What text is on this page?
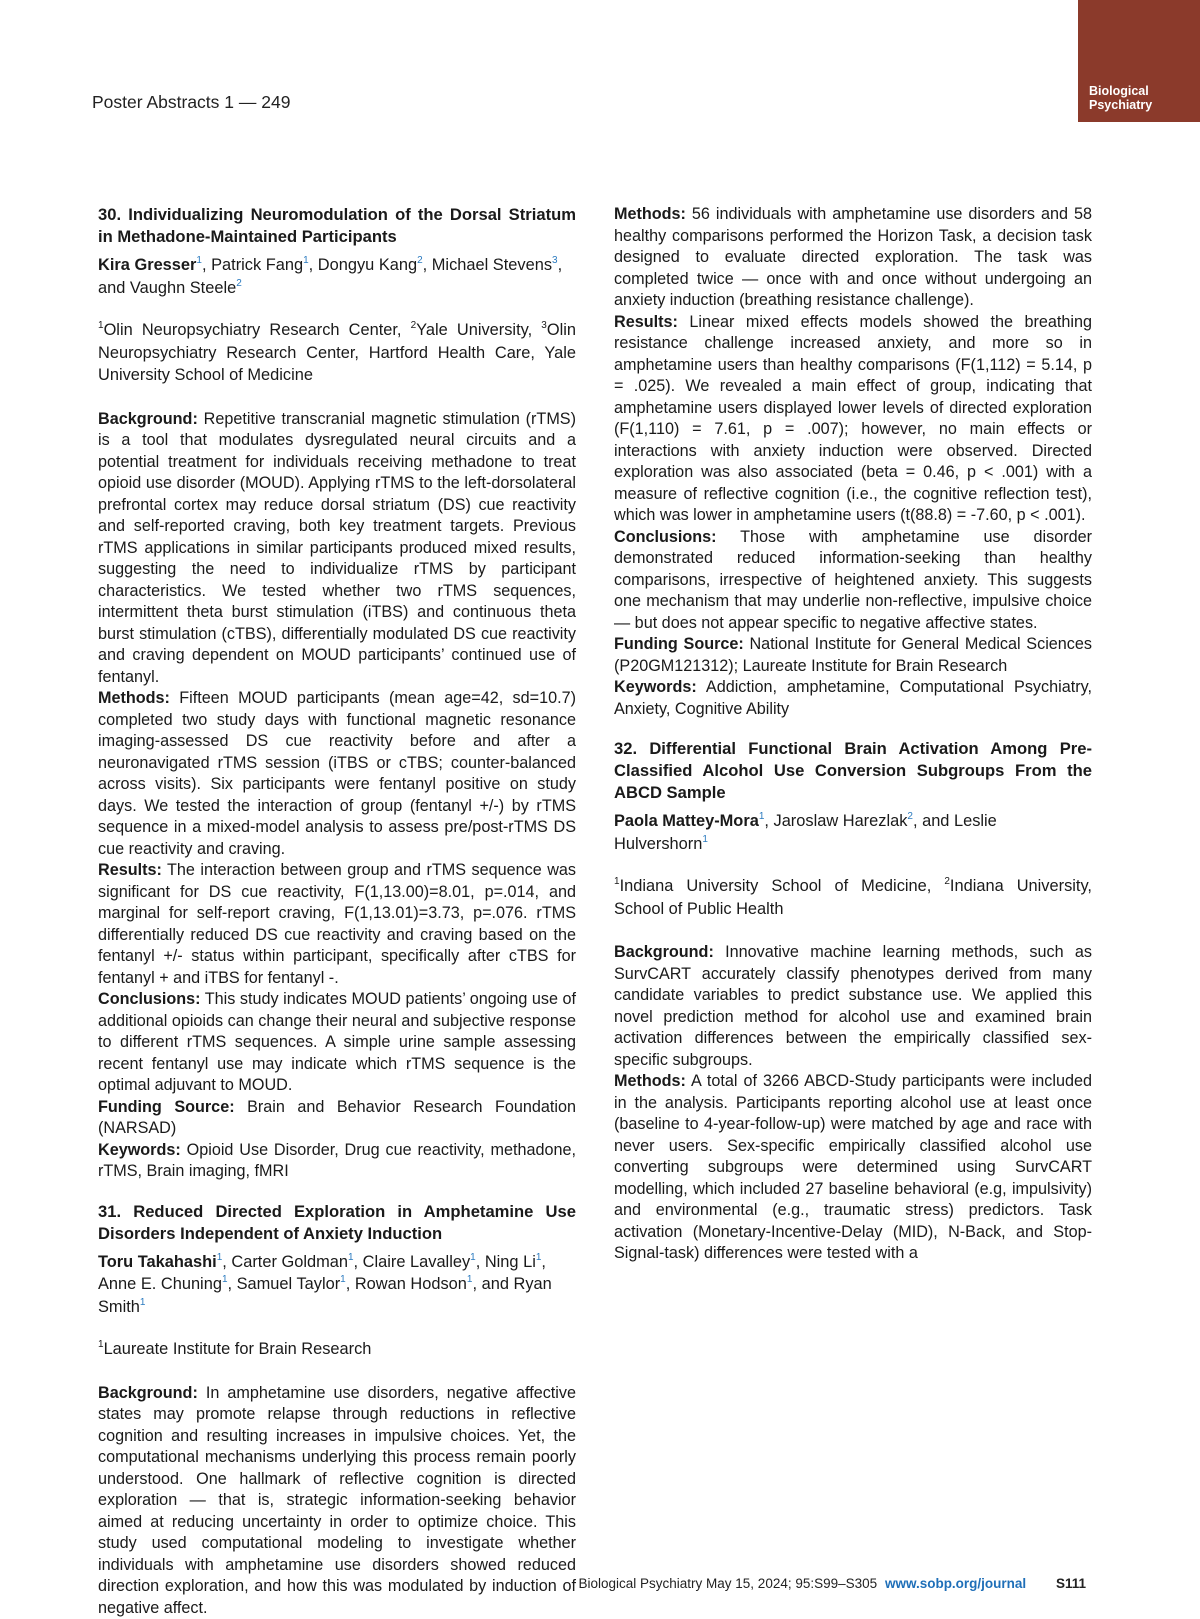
Poster Abstracts 1 — 249
Biological
Psychiatry

30. Individualizing Neuromodulation of the Dorsal Striatum in Methadone-Maintained Participants

Kira Gresser$^1$, Patrick Fang$^1$, Dongyu Kang$^2$, Michael Stevens$^3$, and Vaughn Steele$^2$

$^1$Olin Neuropsychiatry Research Center, $^2$Yale University, $^3$Olin Neuropsychiatry Research Center, Hartford Health Care, Yale University School of Medicine

Background: Repetitive transcranial magnetic stimulation (rTMS) is a tool that modulates dysregulated neural circuits and a potential treatment for individuals receiving methadone to treat opioid use disorder (MOUD). Applying rTMS to the left-dorsolateral prefrontal cortex may reduce dorsal striatum (DS) cue reactivity and self-reported craving, both key treatment targets. Previous rTMS applications in similar participants produced mixed results, suggesting the need to individualize rTMS by participant characteristics. We tested whether two rTMS sequences, intermittent theta burst stimulation (iTBS) and continuous theta burst stimulation (cTBS), differentially modulated DS cue reactivity and craving dependent on MOUD participants’ continued use of fentanyl.

Methods: Fifteen MOUD participants (mean age=42, sd=10.7) completed two study days with functional magnetic resonance imaging-assessed DS cue reactivity before and after a neuronavigated rTMS session (iTBS or cTBS; counter-balanced across visits). Six participants were fentanyl positive on study days. We tested the interaction of group (fentanyl +/-) by rTMS sequence in a mixed-model analysis to assess pre/post-rTMS DS cue reactivity and craving.

Results: The interaction between group and rTMS sequence was significant for DS cue reactivity, F(1,13.00)=8.01, p=.014, and marginal for self-report craving, F(1,13.01)=3.73, p=.076. rTMS differentially reduced DS cue reactivity and craving based on the fentanyl +/- status within participant, specifically after cTBS for fentanyl + and iTBS for fentanyl -.

Conclusions: This study indicates MOUD patients’ ongoing use of additional opioids can change their neural and subjective response to different rTMS sequences. A simple urine sample assessing recent fentanyl use may indicate which rTMS sequence is the optimal adjuvant to MOUD.

Funding Source: Brain and Behavior Research Foundation (NARSAD)

Keywords: Opioid Use Disorder, Drug cue reactivity, methadone, rTMS, Brain imaging, fMRI

31. Reduced Directed Exploration in Amphetamine Use Disorders Independent of Anxiety Induction

Toru Takahashi$^1$, Carter Goldman$^1$, Claire Lavalley$^1$, Ning Li$^1$, Anne E. Chuning$^1$, Samuel Taylor$^1$, Rowan Hodson$^1$, and Ryan Smith$^1$

$^1$Laureate Institute for Brain Research

Background: In amphetamine use disorders, negative affective states may promote relapse through reductions in reflective cognition and resulting increases in impulsive choices. Yet, the computational mechanisms underlying this process remain poorly understood. One hallmark of reflective cognition is directed exploration — that is, strategic information-seeking behavior aimed at reducing uncertainty in order to optimize choice. This study used computational modeling to investigate whether individuals with amphetamine use disorders showed reduced direction exploration, and how this was modulated by induction of negative affect.

Methods: 56 individuals with amphetamine use disorders and 58 healthy comparisons performed the Horizon Task, a decision task designed to evaluate directed exploration. The task was completed twice — once with and once without undergoing an anxiety induction (breathing resistance challenge).

Results: Linear mixed effects models showed the breathing resistance challenge increased anxiety, and more so in amphetamine users than healthy comparisons (F(1,112) = 5.14, p = .025). We revealed a main effect of group, indicating that amphetamine users displayed lower levels of directed exploration (F(1,110) = 7.61, p = .007); however, no main effects or interactions with anxiety induction were observed. Directed exploration was also associated (beta = 0.46, p < .001) with a measure of reflective cognition (i.e., the cognitive reflection test), which was lower in amphetamine users (t(88.8) = -7.60, p < .001).

Conclusions: Those with amphetamine use disorder demonstrated reduced information-seeking than healthy comparisons, irrespective of heightened anxiety. This suggests one mechanism that may underlie non-reflective, impulsive choice — but does not appear specific to negative affective states.

Funding Source: National Institute for General Medical Sciences (P20GM121312); Laureate Institute for Brain Research

Keywords: Addiction, amphetamine, Computational Psychiatry, Anxiety, Cognitive Ability

32. Differential Functional Brain Activation Among Pre-Classified Alcohol Use Conversion Subgroups From the ABCD Sample

Paola Mattey-Mora$^1$, Jaroslaw Harezlak$^2$, and Leslie Hulvershorn$^1$

$^1$Indiana University School of Medicine, $^2$Indiana University, School of Public Health

Background: Innovative machine learning methods, such as SurvCART accurately classify phenotypes derived from many candidate variables to predict substance use. We applied this novel prediction method for alcohol use and examined brain activation differences between the empirically classified sex-specific subgroups.

Methods: A total of 3266 ABCD-Study participants were included in the analysis. Participants reporting alcohol use at least once (baseline to 4-year-follow-up) were matched by age and race with never users. Sex-specific empirically classified alcohol use converting subgroups were determined using SurvCART modelling, which included 27 baseline behavioral (e.g, impulsivity) and environmental (e.g., traumatic stress) predictors. Task activation (Monetary-Incentive-Delay (MID), N-Back, and Stop-Signal-task) differences were tested with a

Biological Psychiatry May 15, 2024; 95:S99–S305 www.sobp.org/journal S111
